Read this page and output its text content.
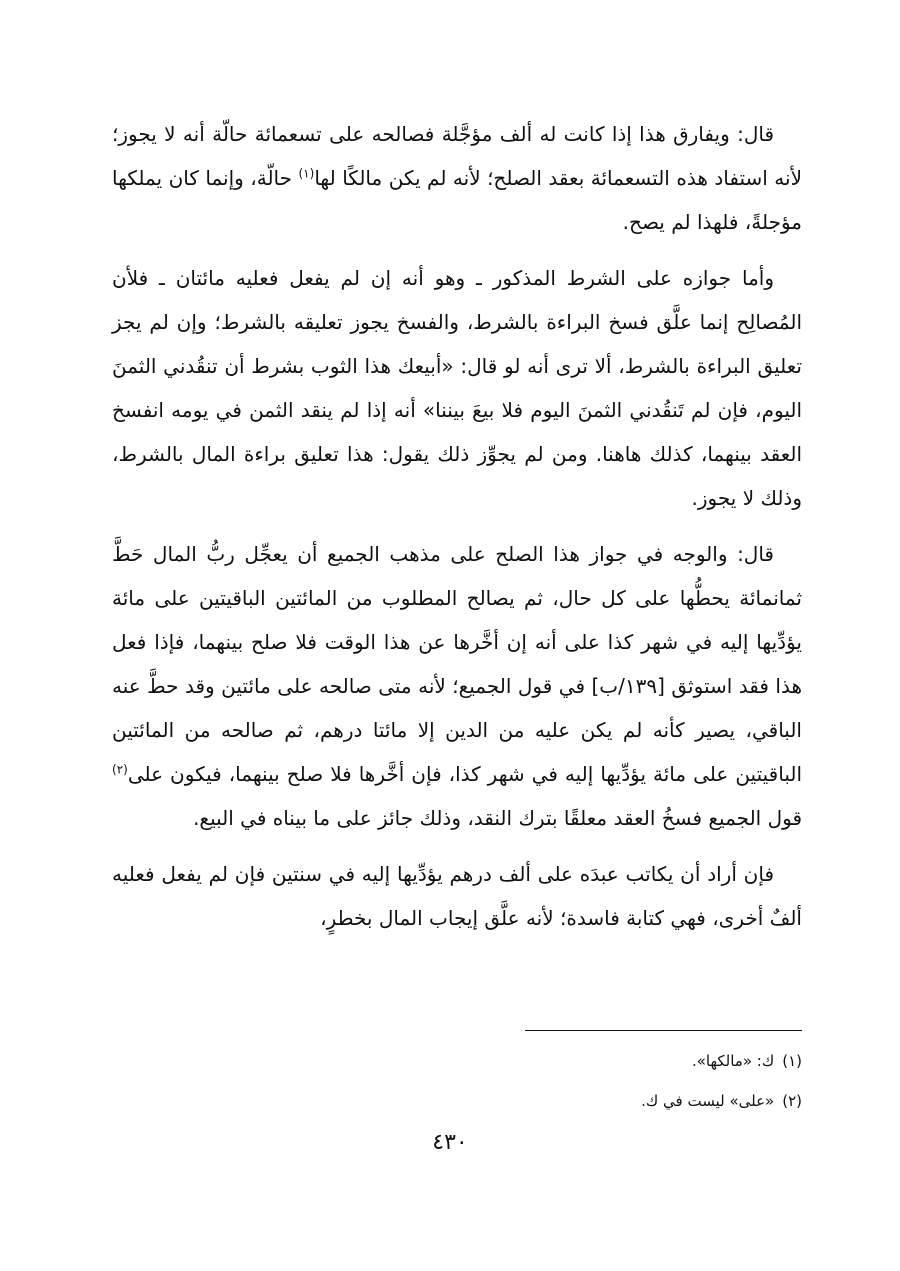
قال: ويفارق هذا إذا كانت له ألف مؤجَّلة فصالحه على تسعمائة حالّة أنه لا يجوز؛ لأنه استفاد هذه التسعمائة بعقد الصلح؛ لأنه لم يكن مالكًا لها$^{(١)}$ حالّة، وإنما كان يملكها مؤجلةً، فلهذا لم يصح.

وأما جوازه على الشرط المذكور ـ وهو أنه إن لم يفعل فعليه مائتان ـ فلأن المُصالِح إنما علَّق فسخ البراءة بالشرط، والفسخ يجوز تعليقه بالشرط؛ وإن لم يجز تعليق البراءة بالشرط، ألا ترى أنه لو قال: «أبيعك هذا الثوب بشرط أن تنقُدني الثمنَ اليوم، فإن لم تَنقُدني الثمنَ اليوم فلا بيعَ بيننا» أنه إذا لم ينقد الثمن في يومه انفسخ العقد بينهما، كذلك هاهنا. ومن لم يجوِّز ذلك يقول: هذا تعليق براءة المال بالشرط، وذلك لا يجوز.

قال: والوجه في جواز هذا الصلح على مذهب الجميع أن يعجِّل ربُّ المال حَطَّ ثمانمائة يحطُّها على كل حال، ثم يصالح المطلوب من المائتين الباقيتين على مائة يؤدِّيها إليه في شهر كذا على أنه إن أخَّرها عن هذا الوقت فلا صلح بينهما، فإذا فعل هذا فقد استوثق [١٣٩/ب] في قول الجميع؛ لأنه متى صالحه على مائتين وقد حطَّ عنه الباقي، يصير كأنه لم يكن عليه من الدين إلا مائتا درهم، ثم صالحه من المائتين الباقيتين على مائة يؤدِّيها إليه في شهر كذا، فإن أخَّرها فلا صلح بينهما، فيكون على$^{(٢)}$ قول الجميع فسخُ العقد معلقًا بترك النقد، وذلك جائز على ما بيناه في البيع.

فإن أراد أن يكاتب عبدَه على ألف درهم يؤدِّيها إليه في سنتين فإن لم يفعل فعليه ألفٌ أخرى، فهي كتابة فاسدة؛ لأنه علَّق إيجاب المال بخطرٍ،

(١)ك: «مالكها».

(٢)«على» ليست في ك.

٤٣٠
